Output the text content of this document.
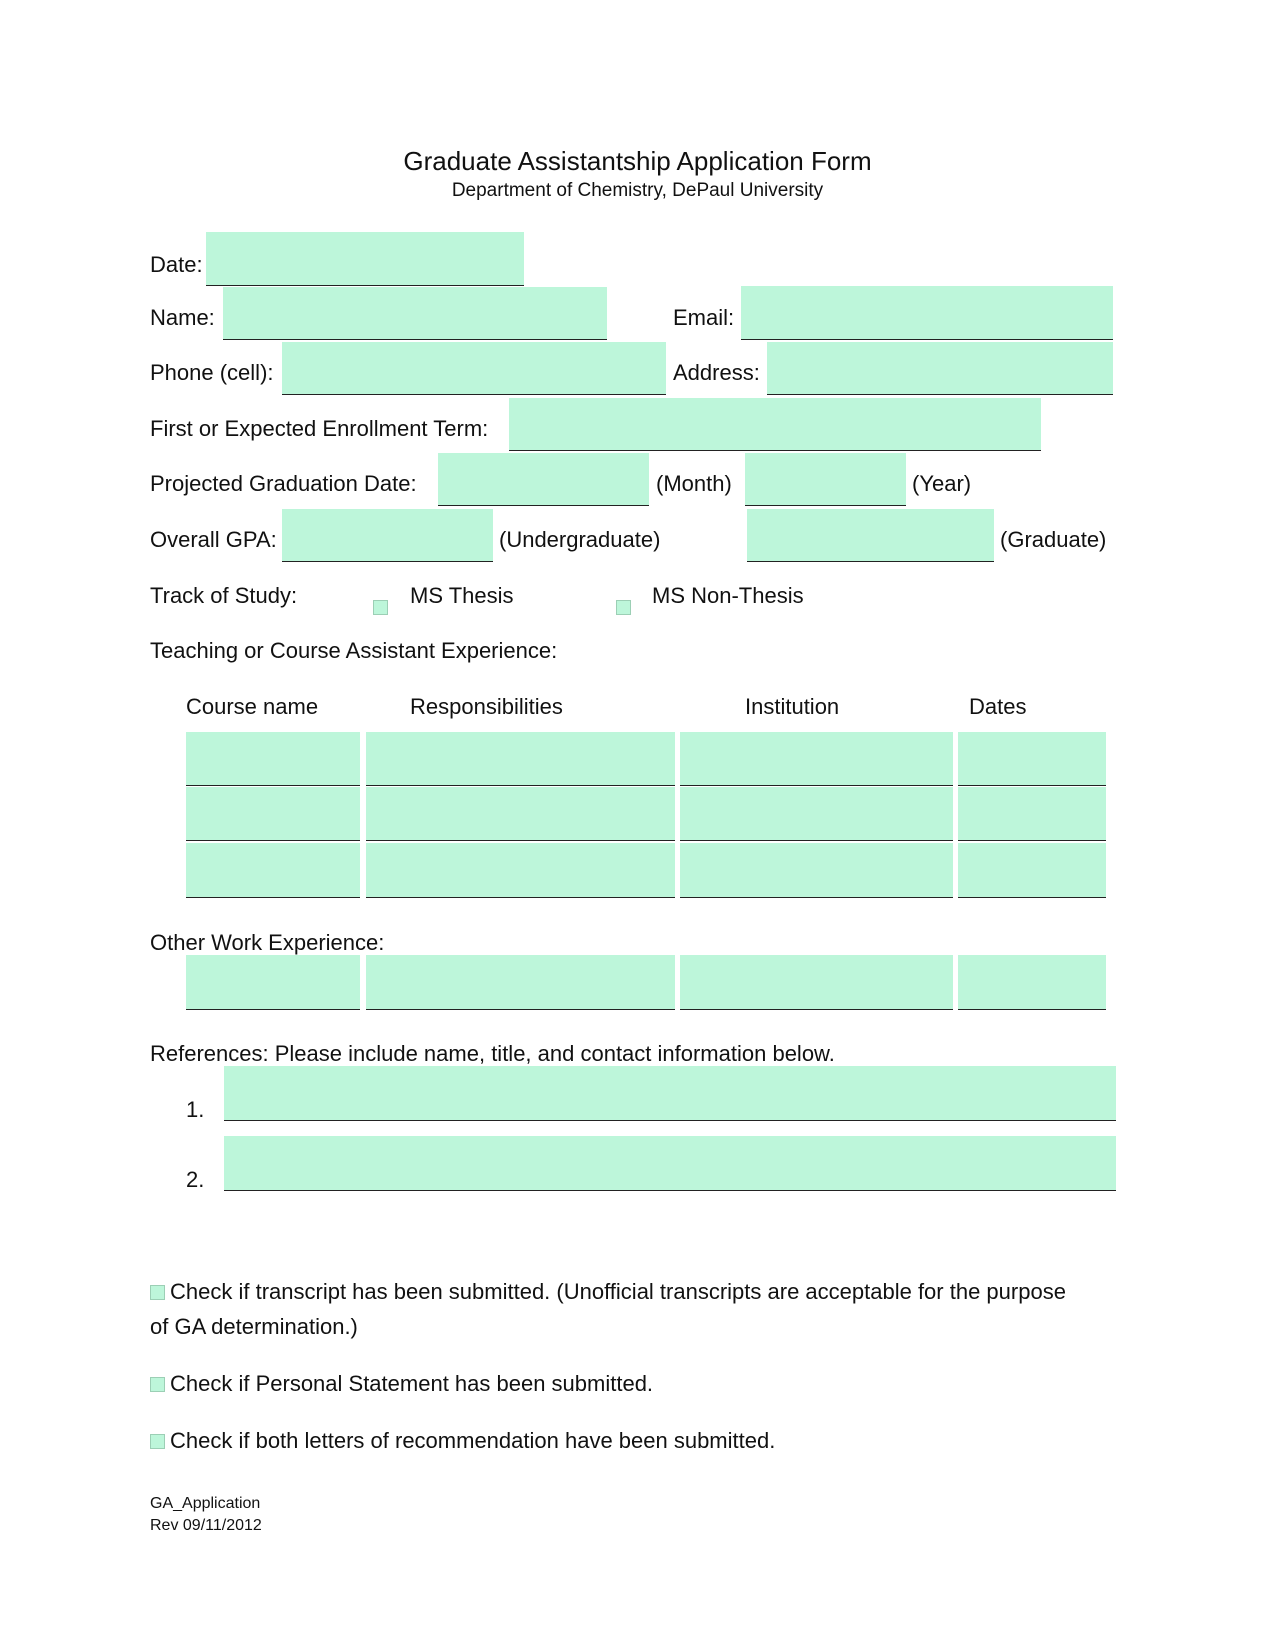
Graduate Assistantship Application Form
Department of Chemistry, DePaul University
Date:
Name:	Email:
Phone (cell):	Address:
First or Expected Enrollment Term:
Projected Graduation Date:	(Month)	(Year)
Overall GPA:	(Undergraduate)	(Graduate)
Track of Study:	MS Thesis	MS Non-Thesis
Teaching or Course Assistant Experience:
Course name	Responsibilities	Institution	Dates
Other Work Experience:
References: Please include name, title, and contact information below.
1.
2.
Check if transcript has been submitted. (Unofficial transcripts are acceptable for the purpose
of GA determination.)
Check if Personal Statement has been submitted.
Check if both letters of recommendation have been submitted.
GA_Application
Rev 09/11/2012
